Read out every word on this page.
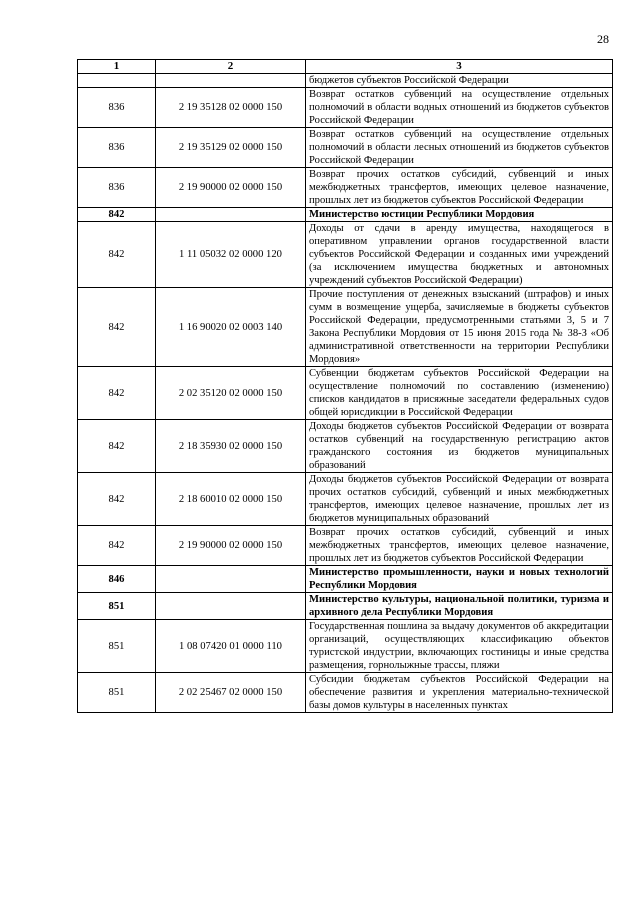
28
1	2	3
		бюджетов субъектов Российской Федерации
836	2 19 35128 02 0000 150	Возврат остатков субвенций на осуществление отдельных полномочий в области водных отношений из бюджетов субъектов Российской Федерации
836	2 19 35129 02 0000 150	Возврат остатков субвенций на осуществление отдельных полномочий в области лесных отношений из бюджетов субъектов Российской Федерации
836	2 19 90000 02 0000 150	Возврат прочих остатков субсидий, субвенций и иных межбюджетных трансфертов, имеющих целевое назначение, прошлых лет из бюджетов субъектов Российской Федерации
842		Министерство юстиции Республики Мордовия
842	1 11 05032 02 0000 120	Доходы от сдачи в аренду имущества, находящегося в оперативном управлении органов государственной власти субъектов Российской Федерации и созданных ими учреждений (за исключением имущества бюджетных и автономных учреждений субъектов Российской Федерации)
842	1 16 90020 02 0003 140	Прочие поступления от денежных взысканий (штрафов) и иных сумм в возмещение ущерба, зачисляемые в бюджеты субъектов Российской Федерации, предусмотренными статьями 3, 5 и 7 Закона Республики Мордовия от 15 июня 2015 года № 38-З «Об административной ответственности на территории Республики Мордовия»
842	2 02 35120 02 0000 150	Субвенции бюджетам субъектов Российской Федерации на осуществление полномочий по составлению (изменению) списков кандидатов в присяжные заседатели федеральных судов общей юрисдикции в Российской Федерации
842	2 18 35930 02 0000 150	Доходы бюджетов субъектов Российской Федерации от возврата остатков субвенций на государственную регистрацию актов гражданского состояния из бюджетов муниципальных образований
842	2 18 60010 02 0000 150	Доходы бюджетов субъектов Российской Федерации от возврата прочих остатков субсидий, субвенций и иных межбюджетных трансфертов, имеющих целевое назначение, прошлых лет из бюджетов муниципальных образований
842	2 19 90000 02 0000 150	Возврат прочих остатков субсидий, субвенций и иных межбюджетных трансфертов, имеющих целевое назначение, прошлых лет из бюджетов субъектов Российской Федерации
846		Министерство промышленности, науки и новых технологий Республики Мордовия
851		Министерство культуры, национальной политики, туризма и архивного дела Республики Мордовия
851	1 08 07420 01 0000 110	Государственная пошлина за выдачу документов об аккредитации организаций, осуществляющих классификацию объектов туристской индустрии, включающих гостиницы и иные средства размещения, горнолыжные трассы, пляжи
851	2 02 25467 02 0000 150	Субсидии бюджетам субъектов Российской Федерации на обеспечение развития и укрепления материально-технической базы домов культуры в населенных пунктах
